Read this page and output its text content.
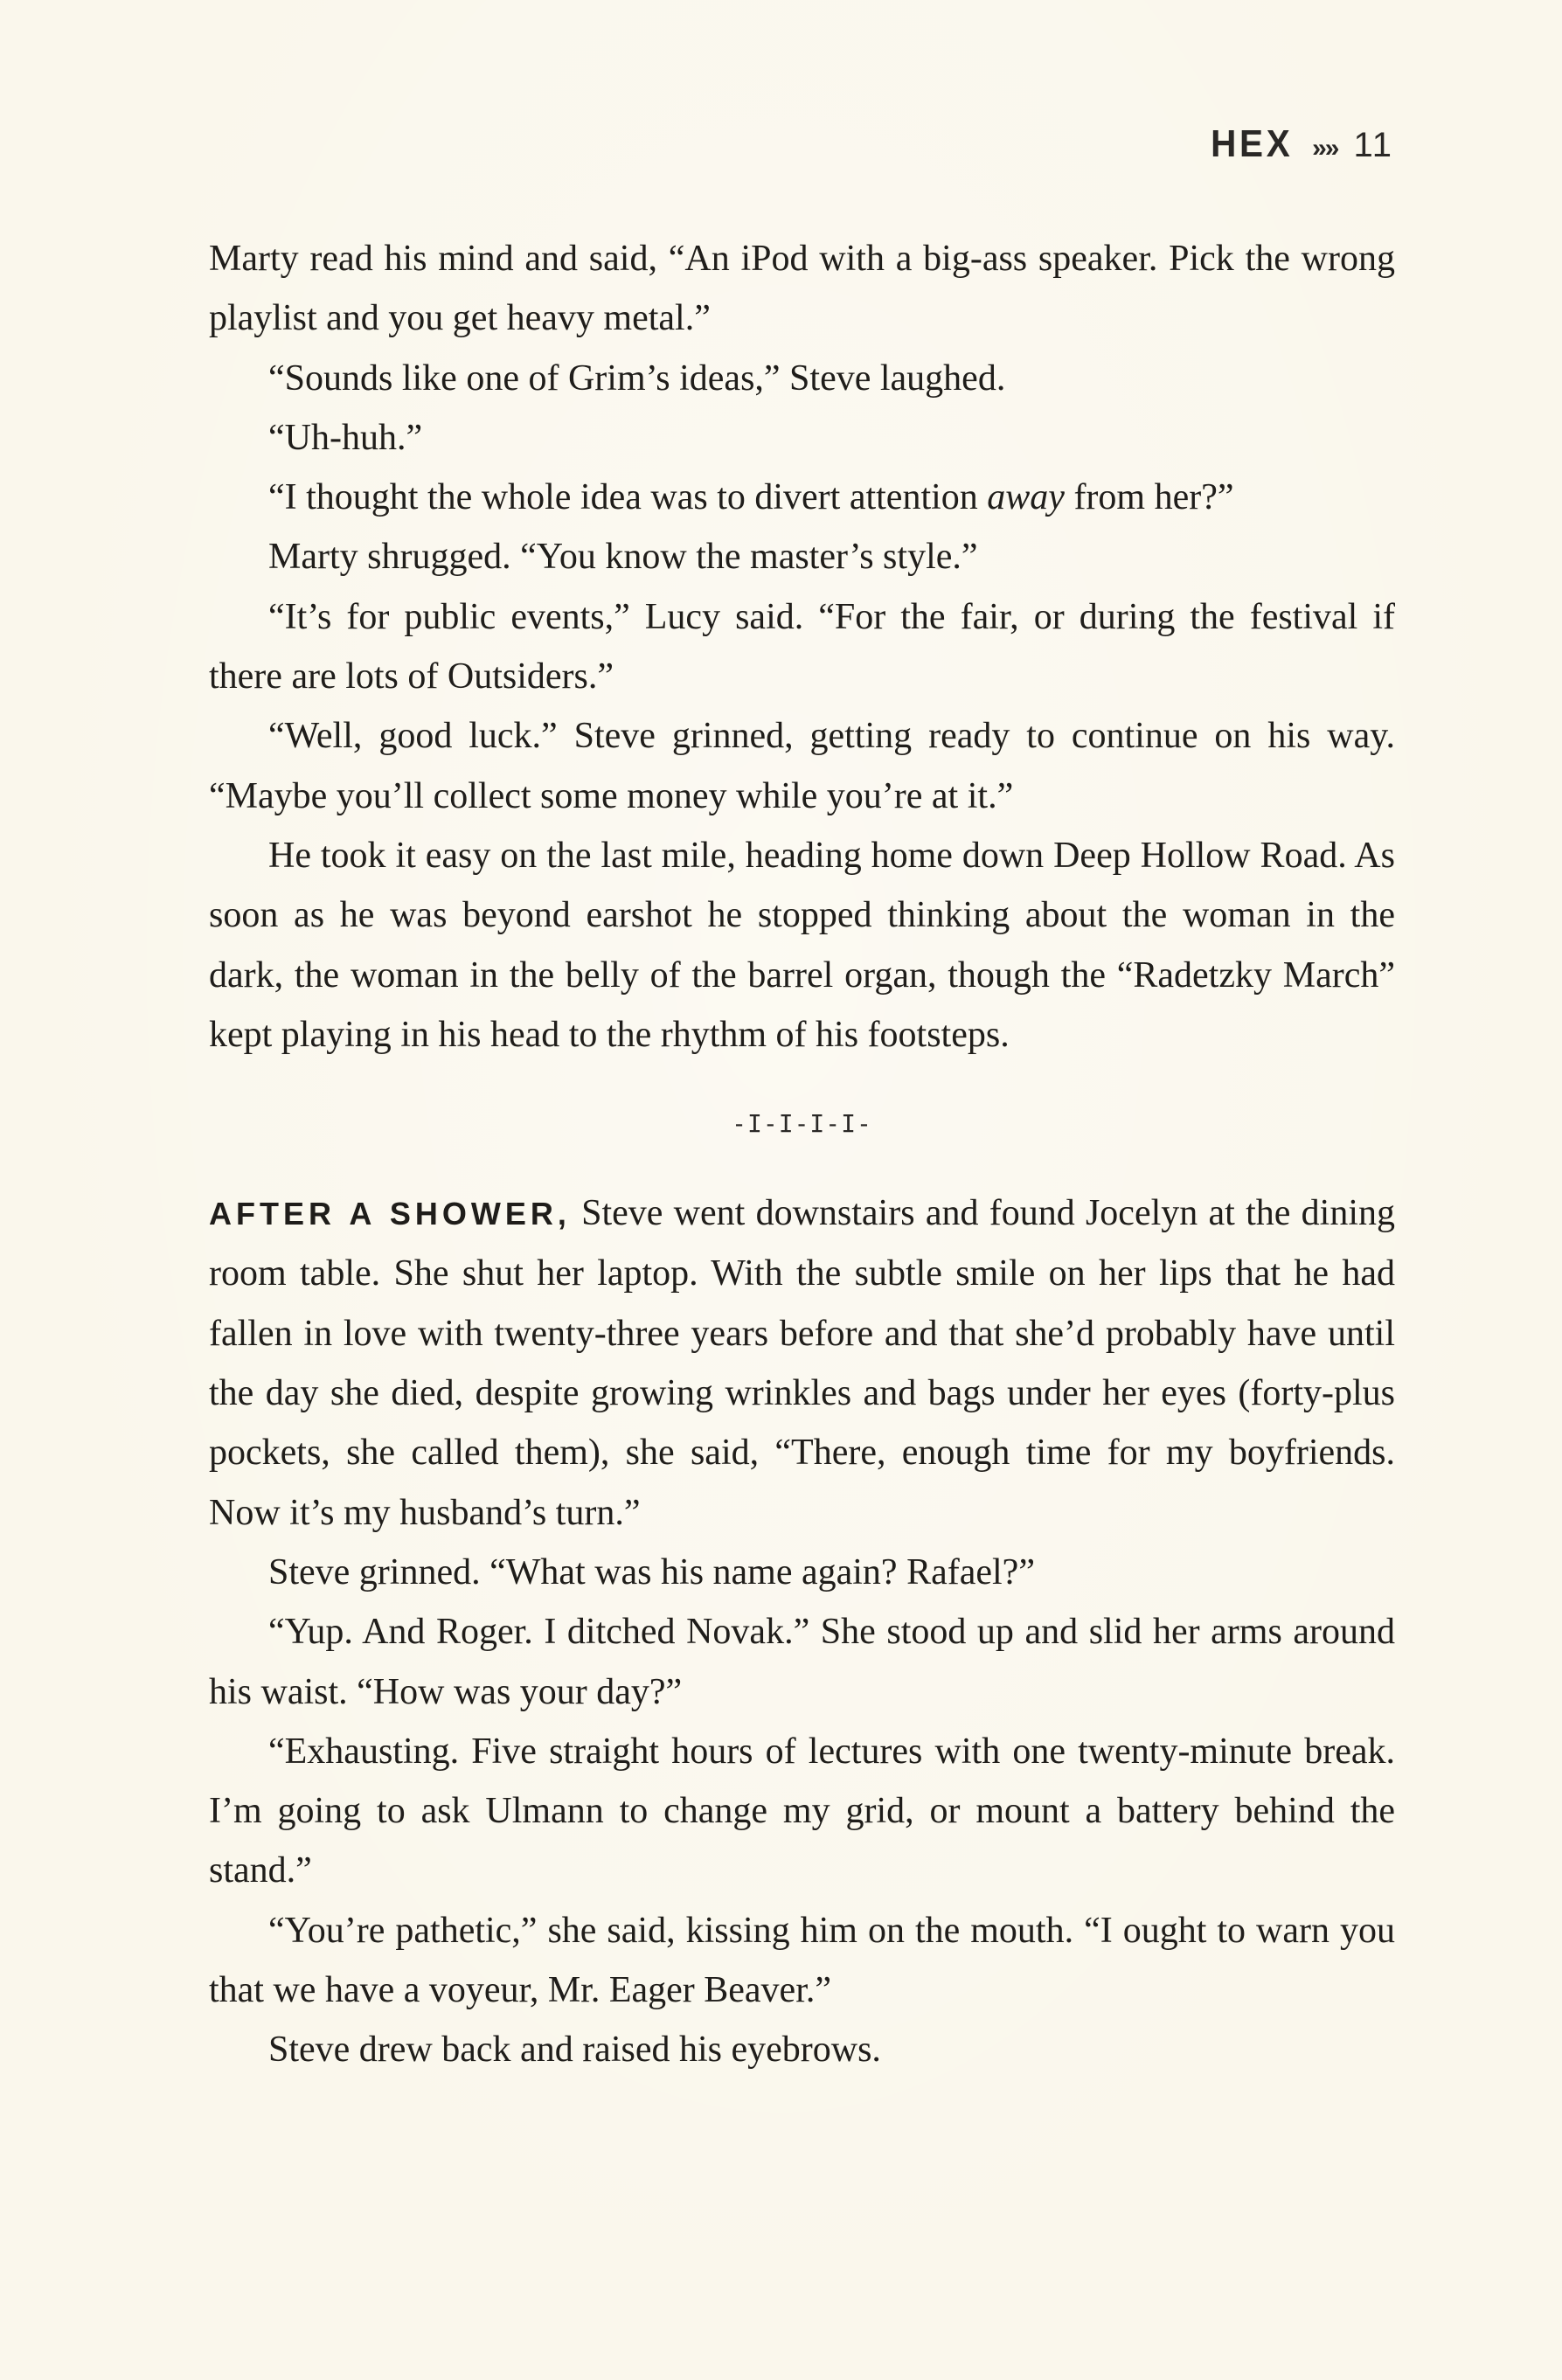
HEX »» 11

Marty read his mind and said, “An iPod with a big-ass speaker. Pick the wrong playlist and you get heavy metal.”

“Sounds like one of Grim’s ideas,” Steve laughed.

“Uh-huh.”

“I thought the whole idea was to divert attention away from her?”

Marty shrugged. “You know the master’s style.”

“It’s for public events,” Lucy said. “For the fair, or during the festival if there are lots of Outsiders.”

“Well, good luck.” Steve grinned, getting ready to continue on his way. “Maybe you’ll collect some money while you’re at it.”

He took it easy on the last mile, heading home down Deep Hollow Road. As soon as he was beyond earshot he stopped thinking about the woman in the dark, the woman in the belly of the barrel organ, though the “Radetzky March” kept playing in his head to the rhythm of his footsteps.

-I-I-I-I-

AFTER A SHOWER, Steve went downstairs and found Jocelyn at the dining room table. She shut her laptop. With the subtle smile on her lips that he had fallen in love with twenty-three years before and that she’d probably have until the day she died, despite growing wrinkles and bags under her eyes (forty-plus pockets, she called them), she said, “There, enough time for my boyfriends. Now it’s my husband’s turn.”

Steve grinned. “What was his name again? Rafael?”

“Yup. And Roger. I ditched Novak.” She stood up and slid her arms around his waist. “How was your day?”

“Exhausting. Five straight hours of lectures with one twenty-minute break. I’m going to ask Ulmann to change my grid, or mount a battery behind the stand.”

“You’re pathetic,” she said, kissing him on the mouth. “I ought to warn you that we have a voyeur, Mr. Eager Beaver.”

Steve drew back and raised his eyebrows.
